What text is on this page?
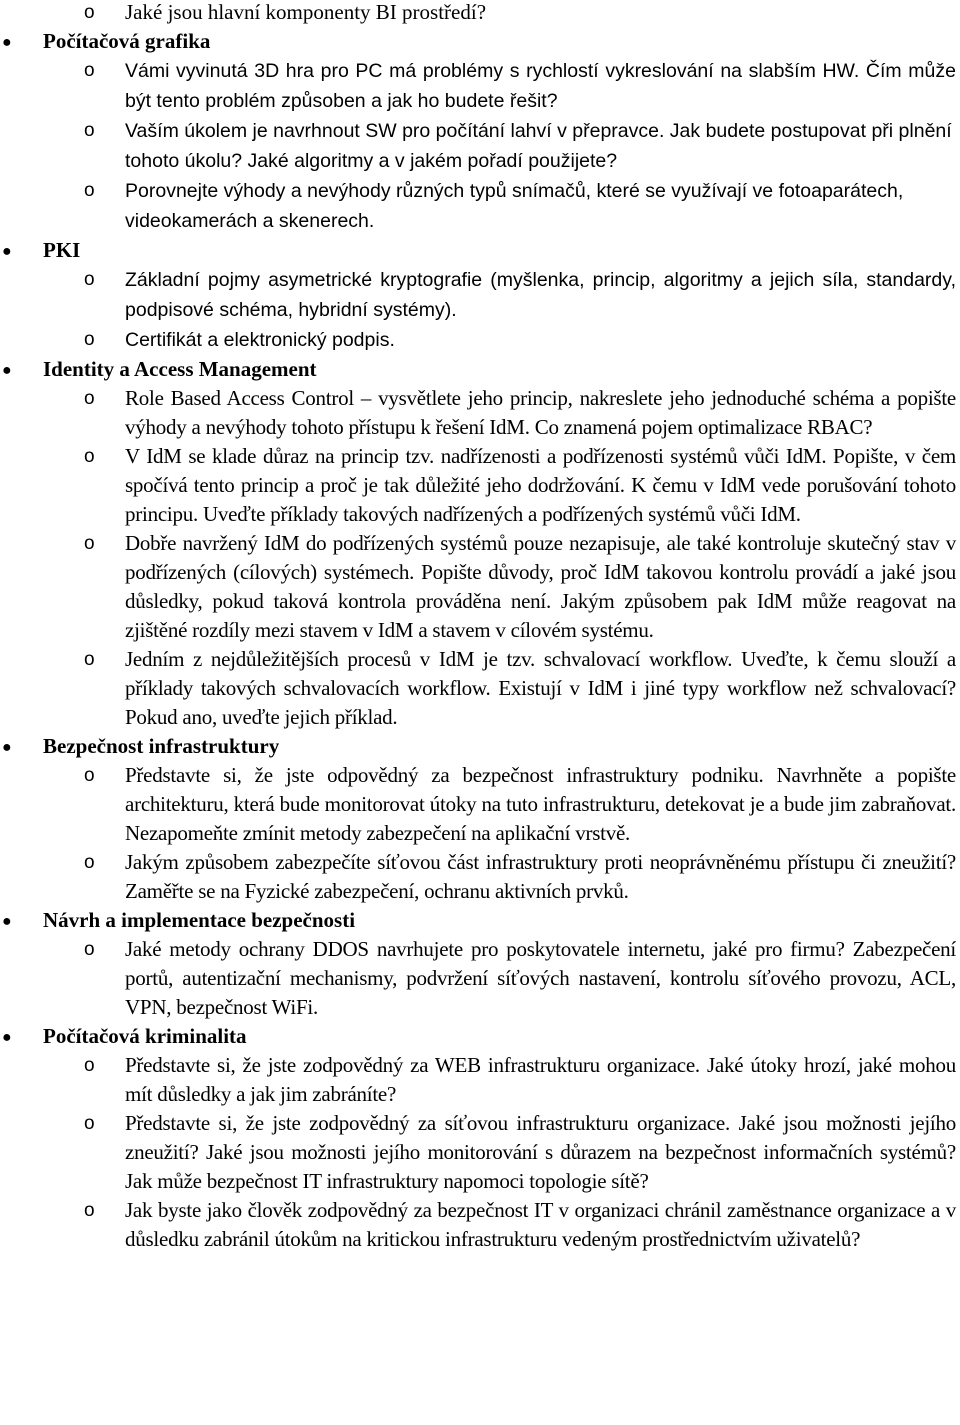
o Jaké jsou hlavní komponenty BI prostředí?
● Počítačová grafika
o Vámi vyvinutá 3D hra pro PC má problémy s rychlostí vykreslování na slabším HW. Čím může být tento problém způsoben a jak ho budete řešit?
o Vaším úkolem je navrhnout SW pro počítání lahví v přepravce. Jak budete postupovat při plnění tohoto úkolu? Jaké algoritmy a v jakém pořadí použijete?
o Porovnejte výhody a nevýhody různých typů snímačů, které se využívají ve fotoaparátech, videokamerách a skenerech.
● PKI
o Základní pojmy asymetrické kryptografie (myšlenka, princip, algoritmy a jejich síla, standardy, podpisové schéma, hybridní systémy).
o Certifikát a elektronický podpis.
● Identity a Access Management
o Role Based Access Control – vysvětlete jeho princip, nakreslete jeho jednoduché schéma a popište výhody a nevýhody tohoto přístupu k řešení IdM. Co znamená pojem optimalizace RBAC?
o V IdM se klade důraz na princip tzv. nadřízenosti a podřízenosti systémů vůči IdM. Popište, v čem spočívá tento princip a proč je tak důležité jeho dodržování. K čemu v IdM vede porušování tohoto principu. Uveďte příklady takových nadřízených a podřízených systémů vůči IdM.
o Dobře navržený IdM do podřízených systémů pouze nezapisuje, ale také kontroluje skutečný stav v podřízených (cílových) systémech. Popište důvody, proč IdM takovou kontrolu provádí a jaké jsou důsledky, pokud taková kontrola prováděna není. Jakým způsobem pak IdM může reagovat na zjištěné rozdíly mezi stavem v IdM a stavem v cílovém systému.
o Jedním z nejdůležitějších procesů v IdM je tzv. schvalovací workflow. Uveďte, k čemu slouží a příklady takových schvalovacích workflow. Existují v IdM i jiné typy workflow než schvalovací? Pokud ano, uveďte jejich příklad.
● Bezpečnost infrastruktury
o Představte si, že jste odpovědný za bezpečnost infrastruktury podniku. Navrhněte a popište architekturu, která bude monitorovat útoky na tuto infrastrukturu, detekovat je a bude jim zabraňovat. Nezapomeňte zmínit metody zabezpečení na aplikační vrstvě.
o Jakým způsobem zabezpečíte síťovou část infrastruktury proti neoprávněnému přístupu či zneužití? Zaměřte se na Fyzické zabezpečení, ochranu aktivních prvků.
● Návrh a implementace bezpečnosti
o Jaké metody ochrany DDOS navrhujete pro poskytovatele internetu, jaké pro firmu? Zabezpečení portů, autentizační mechanismy, podvržení síťových nastavení, kontrolu síťového provozu, ACL, VPN, bezpečnost WiFi.
● Počítačová kriminalita
o Představte si, že jste zodpovědný za WEB infrastrukturu organizace. Jaké útoky hrozí, jaké mohou mít důsledky a jak jim zabráníte?
o Představte si, že jste zodpovědný za síťovou infrastrukturu organizace. Jaké jsou možnosti jejího zneužití? Jaké jsou možnosti jejího monitorování s důrazem na bezpečnost informačních systémů? Jak může bezpečnost IT infrastruktury napomoci topologie sítě?
o Jak byste jako člověk zodpovědný za bezpečnost IT v organizaci chránil zaměstnance organizace a v důsledku zabránil útokům na kritickou infrastrukturu vedeným prostřednictvím uživatelů?
